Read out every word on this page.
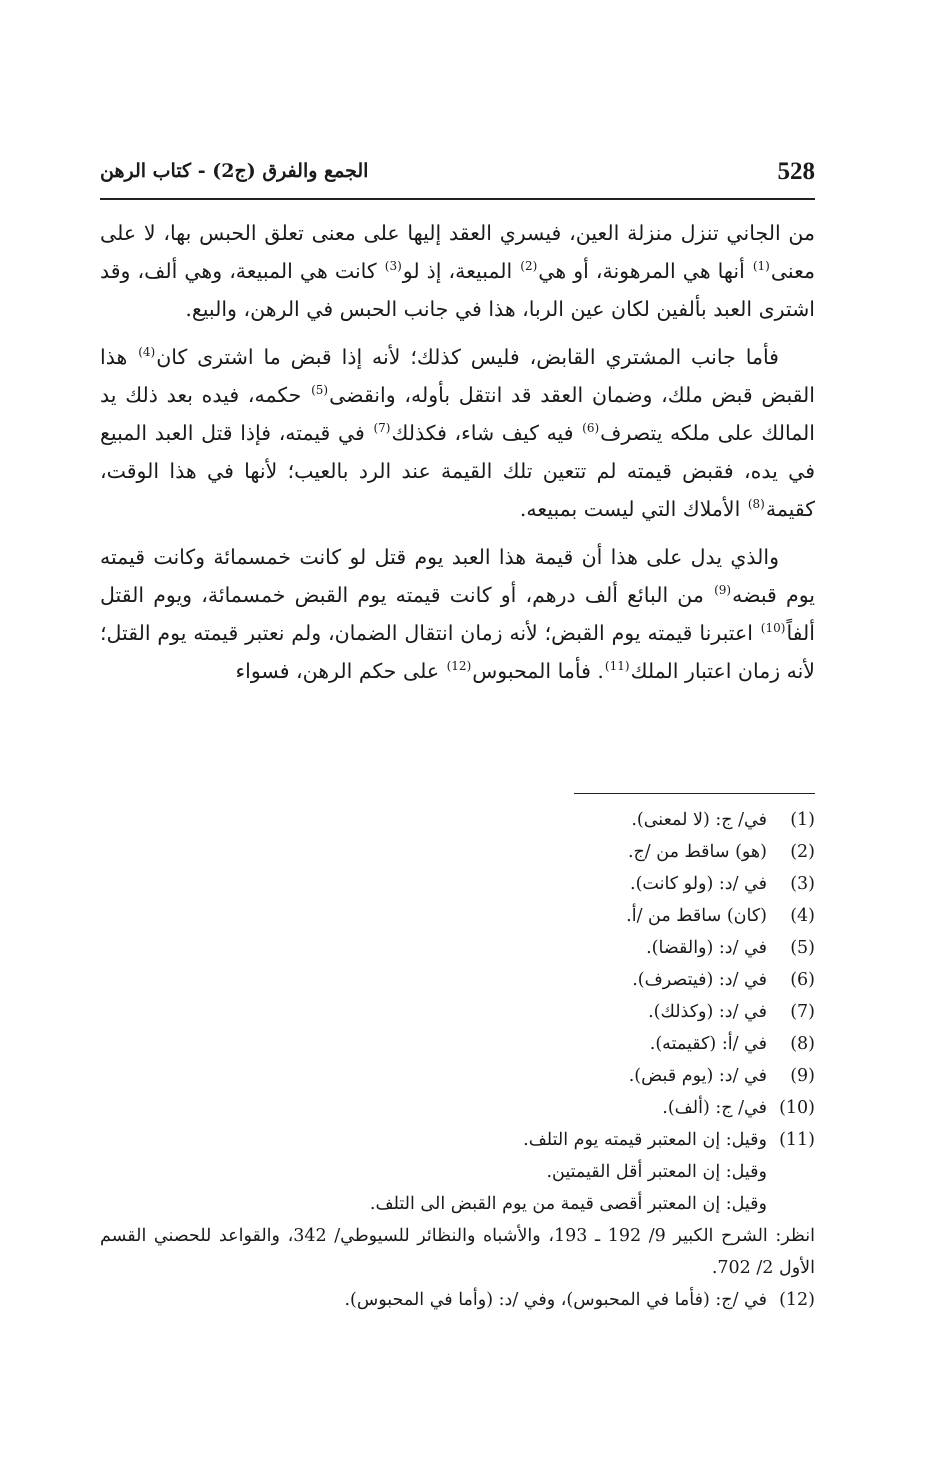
528
الجمع والفرق (ج2) - كتاب الرهن

من الجاني تنزل منزلة العين، فيسري العقد إليها على معنى تعلق الحبس بها، لا على معنى$^{(1)}$ أنها هي المرهونة، أو هي$^{(2)}$ المبيعة، إذ لو$^{(3)}$ كانت هي المبيعة، وهي ألف، وقد اشترى العبد بألفين لكان عين الربا، هذا في جانب الحبس في الرهن، والبيع.

فأما جانب المشتري القابض، فليس كذلك؛ لأنه إذا قبض ما اشترى كان$^{(4)}$ هذا القبض قبض ملك، وضمان العقد قد انتقل بأوله، وانقضى$^{(5)}$ حكمه، فيده بعد ذلك يد المالك على ملكه يتصرف$^{(6)}$ فيه كيف شاء، فكذلك$^{(7)}$ في قيمته، فإذا قتل العبد المبيع في يده، فقبض قيمته لم تتعين تلك القيمة عند الرد بالعيب؛ لأنها في هذا الوقت، كقيمة$^{(8)}$ الأملاك التي ليست بمبيعه.

والذي يدل على هذا أن قيمة هذا العبد يوم قتل لو كانت خمسمائة وكانت قيمته يوم قبضه$^{(9)}$ من البائع ألف درهم، أو كانت قيمته يوم القبض خمسمائة، ويوم القتل ألفاً$^{(10)}$ اعتبرنا قيمته يوم القبض؛ لأنه زمان انتقال الضمان، ولم نعتبر قيمته يوم القتل؛ لأنه زمان اعتبار الملك$^{(11)}$. فأما المحبوس$^{(12)}$ على حكم الرهن، فسواء

(1)
في/ ج: (لا لمعنى).
(2)
(هو) ساقط من /ج.
(3)
في /د: (ولو كانت).
(4)
(كان) ساقط من /أ.
(5)
في /د: (والقضا).
(6)
في /د: (فيتصرف).
(7)
في /د: (وكذلك).
(8)
في /أ: (كقيمته).
(9)
في /د: (يوم قبض).
(10)
في/ ج: (ألف).
(11)
وقيل: إن المعتبر قيمته يوم التلف.
وقيل: إن المعتبر أقل القيمتين.
وقيل: إن المعتبر أقصى قيمة من يوم القبض الى التلف.
انظر: الشرح الكبير 9/ 192 ـ 193، والأشباه والنظائر للسيوطي/ 342، والقواعد للحصني القسم الأول 2/ 702.
(12)
في /ج: (فأما في المحبوس)، وفي /د: (وأما في المحبوس).
